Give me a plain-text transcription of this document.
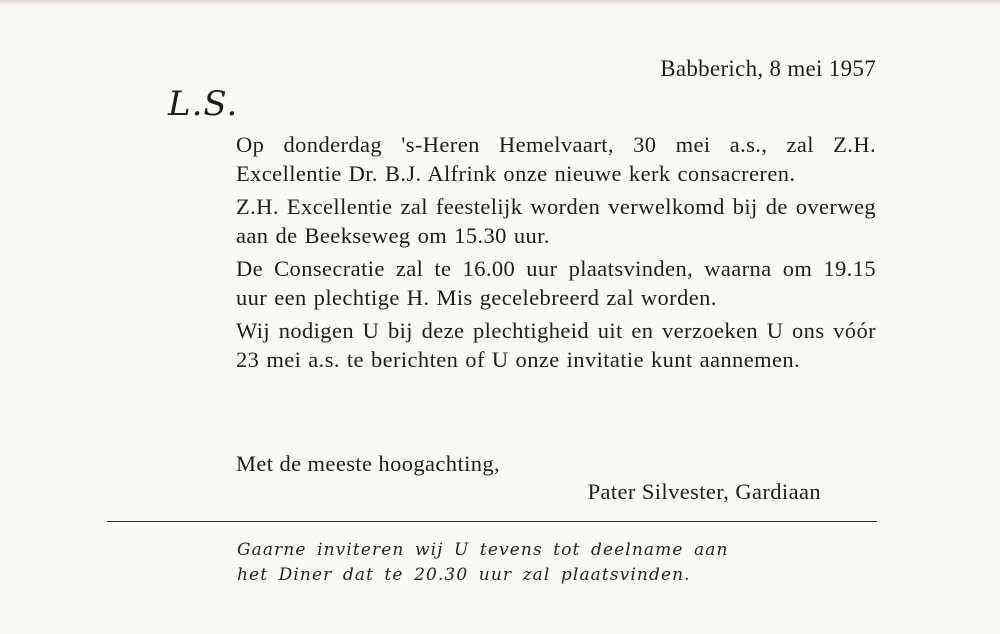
Babberich, 8 mei 1957
L.S.

Op donderdag 's-Heren Hemelvaart, 30 mei a.s., zal Z.H. Excellentie Dr. B.J. Alfrink onze nieuwe kerk consacreren.

Z.H. Excellentie zal feestelijk worden verwelkomd bij de overweg aan de Beekseweg om 15.30 uur.

De Consecratie zal te 16.00 uur plaatsvinden, waarna om 19.15 uur een plechtige H. Mis gecelebreerd zal worden.

Wij nodigen U bij deze plechtigheid uit en verzoeken U ons vóór 23 mei a.s. te berichten of U onze invitatie kunt aannemen.

Met de meeste hoogachting,
Pater Silvester, Gardiaan
Gaarne inviteren wij U tevens tot deelname aan
het Diner dat te 20.30 uur zal plaatsvinden.
